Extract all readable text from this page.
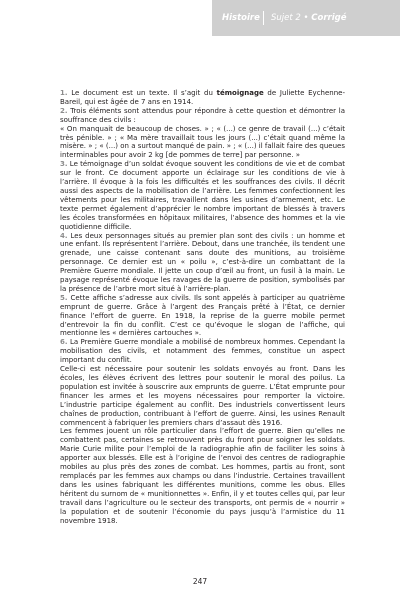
Histoire Sujet 2 • Corrigé

1. Le document est un texte. Il s’agit du témoignage de Juliette Eychenne-Bareil, qui est âgée de 7 ans en 1914.

2. Trois éléments sont attendus pour répondre à cette question et démontrer la souffrance des civils :

« On manquait de beaucoup de choses. » ; « (...) ce genre de travail (...) c’était très pénible. » ; « Ma mère travaillait tous les jours (...) c’était quand même la misère. » ; « (...) on a surtout manqué de pain. » ; « (...) il fallait faire des queues interminables pour avoir 2 kg [de pommes de terre] par personne. »

3. Le témoignage d’un soldat évoque souvent les conditions de vie et de combat sur le front. Ce document apporte un éclairage sur les conditions de vie à l’arrière. Il évoque à la fois les difficultés et les souffrances des civils. Il décrit aussi des aspects de la mobilisation de l’arrière. Les femmes confectionnent les vêtements pour les militaires, travaillent dans les usines d’armement, etc. Le texte permet également d’apprécier le nombre important de blessés à travers les écoles transformées en hôpitaux militaires, l’absence des hommes et la vie quotidienne difficile.

4. Les deux personnages situés au premier plan sont des civils : un homme et une enfant. Ils représentent l’arrière. Debout, dans une tranchée, ils tendent une grenade, une caisse contenant sans doute des munitions, au troisième personnage. Ce dernier est un « poilu », c’est-à-dire un combattant de la Première Guerre mondiale. Il jette un coup d’œil au front, un fusil à la main. Le paysage représenté évoque les ravages de la guerre de position, symbolisés par la présence de l’arbre mort situé à l’arrière-plan.

5. Cette affiche s’adresse aux civils. Ils sont appelés à participer au quatrième emprunt de guerre. Grâce à l’argent des Français prêté à l’État, ce dernier finance l’effort de guerre. En 1918, la reprise de la guerre mobile permet d’entrevoir la fin du conflit. C’est ce qu’évoque le slogan de l’affiche, qui mentionne les « dernières cartouches ».

6. La Première Guerre mondiale a mobilisé de nombreux hommes. Cependant la mobilisation des civils, et notamment des femmes, constitue un aspect important du conflit.

Celle-ci est nécessaire pour soutenir les soldats envoyés au front. Dans les écoles, les élèves écrivent des lettres pour soutenir le moral des poilus. La population est invitée à souscrire aux emprunts de guerre. L’État emprunte pour financer les armes et les moyens nécessaires pour remporter la victoire. L’industrie participe également au conflit. Des industriels convertissent leurs chaînes de production, contribuant à l’effort de guerre. Ainsi, les usines Renault commencent à fabriquer les premiers chars d’assaut dès 1916.

Les femmes jouent un rôle particulier dans l’effort de guerre. Bien qu’elles ne combattent pas, certaines se retrouvent près du front pour soigner les soldats. Marie Curie milite pour l’emploi de la radiographie afin de faciliter les soins à apporter aux blessés. Elle est à l’origine de l’envoi des centres de radiographie mobiles au plus près des zones de combat. Les hommes, partis au front, sont remplacés par les femmes aux champs ou dans l’industrie. Certaines travaillent dans les usines fabriquant les différentes munitions, comme les obus. Elles héritent du surnom de « munitionnettes ». Enfin, il y et toutes celles qui, par leur travail dans l’agriculture ou le secteur des transports, ont permis de « nourrir » la population et de soutenir l’économie du pays jusqu’à l’armistice du 11 novembre 1918.

247
